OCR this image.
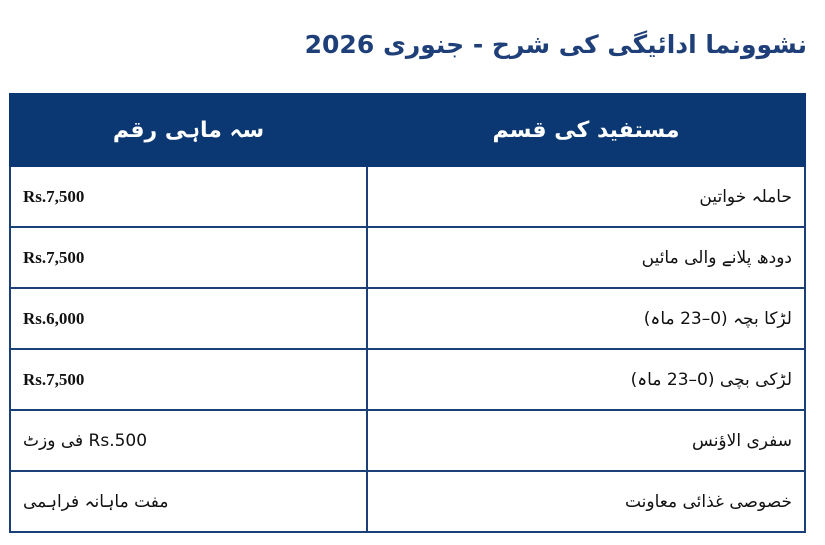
نشوونما ادائیگی کی شرح - جنوری 2026
مستفید کی قسم	سہ ماہی رقم
حاملہ خواتین	Rs.7,500
دودھ پلانے والی مائیں	Rs.7,500
لڑکا بچہ (0–23 ماہ)	Rs.6,000
لڑکی بچی (0–23 ماہ)	Rs.7,500
سفری الاؤنس	Rs.500 فی وزٹ
خصوصی غذائی معاونت	مفت ماہانہ فراہمی
